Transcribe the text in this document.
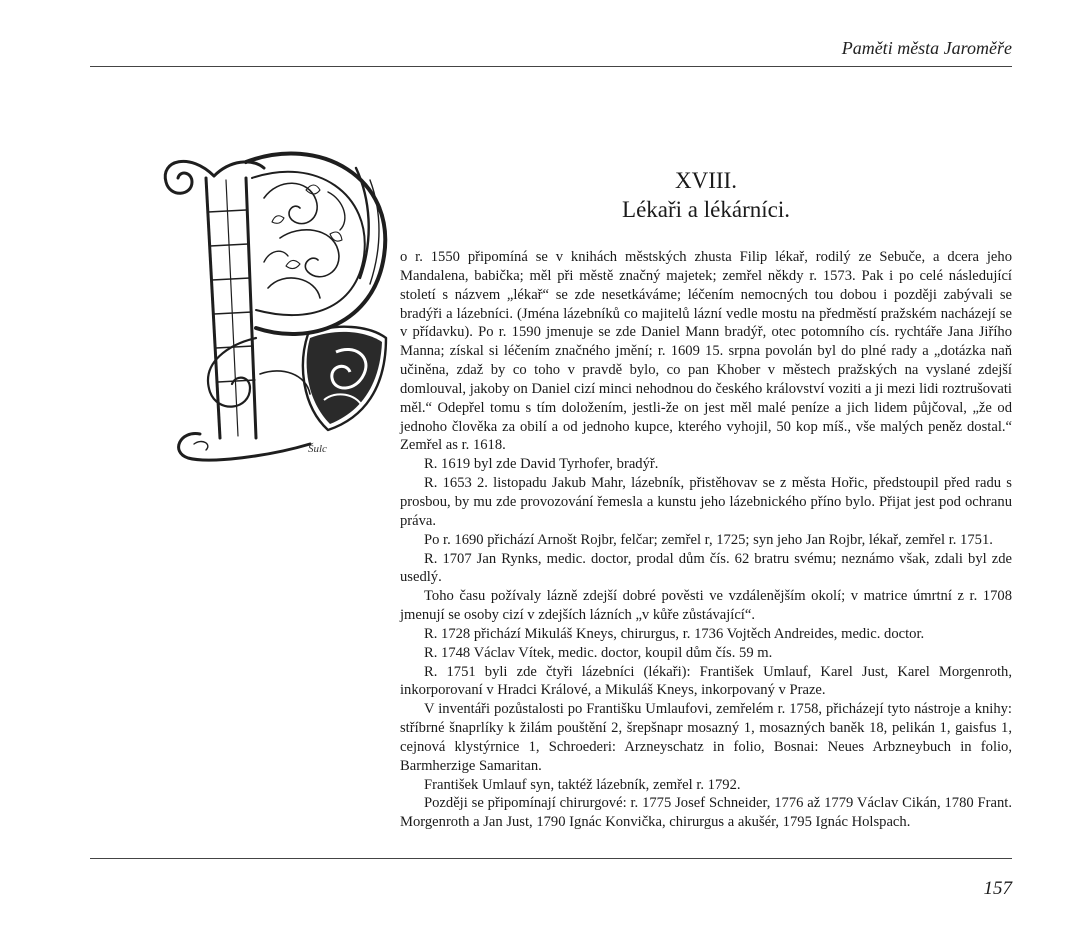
Paměti města Jaroměře
Šulc
XVIII.
Lékaři a lékárníci.

o r. 1550 připomíná se v knihách městských zhusta Filip lékař, rodilý ze Sebuče, a dcera jeho Mandalena, babička; měl při městě značný majetek; zemřel někdy r. 1573. Pak i po celé následující století s názvem „lékař“ se zde nesetkáváme; léčením nemocných tou dobou i později zabývali se bradýři a lázebníci. (Jména lázebníků co majitelů lázní vedle mostu na předměstí pražském nacházejí se v přídavku). Po r. 1590 jmenuje se zde Daniel Mann bradýř, otec potomního cís. rychtáře Jana Jiřího Manna; získal si léčením značného jmění; r. 1609 15. srpna povolán byl do plné rady a „dotázka naň učiněna, zdaž by co toho v pravdě bylo, co pan Khober v městech pražských na vyslané zdejší domlouval, jakoby on Daniel cizí minci nehodnou do českého království voziti a ji mezi lidi roztrušovati měl.“ Odepřel tomu s tím doložením, jestli-že on jest měl malé peníze a jich lidem půjčoval, „že od jednoho člověka za obilí a od jednoho kupce, kterého vyhojil, 50 kop míš., vše malých peněz dostal.“ Zemřel as r. 1618.

R. 1619 byl zde David Tyrhofer, bradýř.

R. 1653 2. listopadu Jakub Mahr, lázebník, přistěhovav se z města Hořic, předstoupil před radu s prosbou, by mu zde provozování řemesla a kunstu jeho lázebnického příno bylo. Přijat jest pod ochranu práva.

Po r. 1690 přichází Arnošt Rojbr, felčar; zemřel r, 1725; syn jeho Jan Rojbr, lékař, zemřel r. 1751.

R. 1707 Jan Rynks, medic. doctor, prodal dům čís. 62 bratru svému; neznámo však, zdali byl zde usedlý.

Toho času požívaly lázně zdejší dobré pověsti ve vzdálenějším okolí; v matrice úmrtní z r. 1708 jmenují se osoby cizí v zdejších lázních „v kůře zůstávající“.

R. 1728 přichází Mikuláš Kneys, chirurgus, r. 1736 Vojtěch Andreides, medic. doctor.

R. 1748 Václav Vítek, medic. doctor, koupil dům čís. 59 m.

R. 1751 byli zde čtyři lázebníci (lékaři): František Umlauf, Karel Just, Karel Morgenroth, inkorporovaní v Hradci Králové, a Mikuláš Kneys, inkorpovaný v Praze.

V inventáři pozůstalosti po Františku Umlaufovi, zemřelém r. 1758, přicházejí tyto nástroje a knihy: stříbrné šnaprlíky k žilám pouštění 2, šrepšnapr mosazný 1, mosazných baněk 18, pelikán 1, gaisfus 1, cejnová klystýrnice 1, Schroederi: Arzneyschatz in folio, Bosnai: Neues Arbzneybuch in folio, Barmherzige Samaritan.

František Umlauf syn, taktéž lázebník, zemřel r. 1792.

Později se připomínají chirurgové: r. 1775 Josef Schneider, 1776 až 1779 Václav Cikán, 1780 Frant. Morgenroth a Jan Just, 1790 Ignác Konvička, chirurgus a akušér, 1795 Ignác Holspach.

157
